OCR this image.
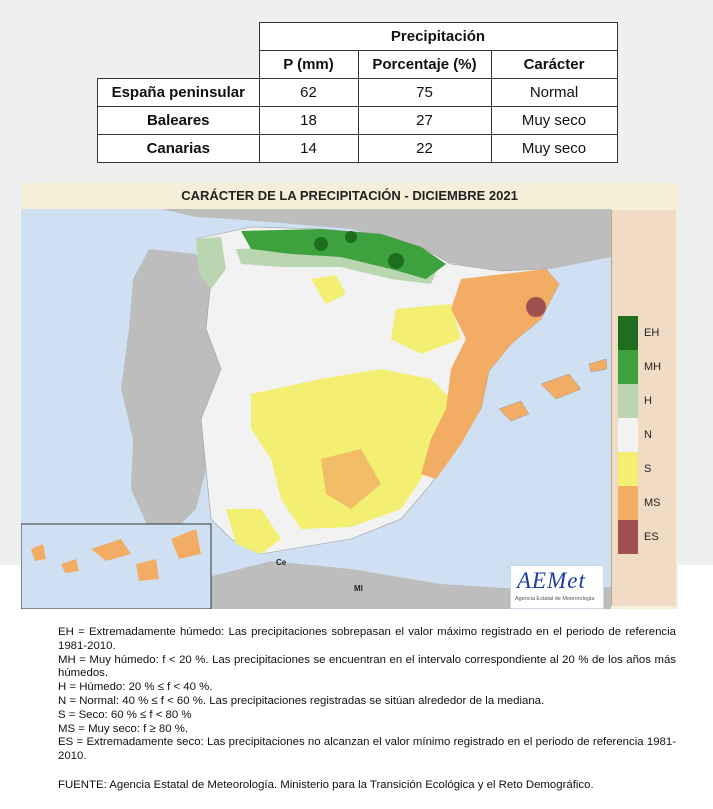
	Precipitación		
	P (mm)	Porcentaje (%)	Carácter
España peninsular	62	75	Normal
Baleares	18	27	Muy seco
Canarias	14	22	Muy seco
CARÁCTER DE LA PRECIPITACIÓN - DICIEMBRE 2021
Ce
Ml
EH
MH
H
N
S
MS
ES
AEMet
Agencia Estatal de Meteorología

EH = Extremadamente húmedo: Las precipitaciones sobrepasan el valor máximo registrado en el periodo de referencia 1981-2010.

MH = Muy húmedo: f < 20 %. Las precipitaciones se encuentran en el intervalo correspondiente al 20 % de los años más húmedos.

H = Húmedo: 20 % ≤ f < 40 %.

N = Normal: 40 % ≤ f < 60 %. Las precipitaciones registradas se sitúan alrededor de la mediana.

S = Seco: 60 % ≤ f < 80 %

MS = Muy seco: f ≥ 80 %.

ES = Extremadamente seco: Las precipitaciones no alcanzan el valor mínimo registrado en el periodo de referencia 1981-2010.

FUENTE: Agencia Estatal de Meteorología. Ministerio para la Transición Ecológica y el Reto Demográfico.
